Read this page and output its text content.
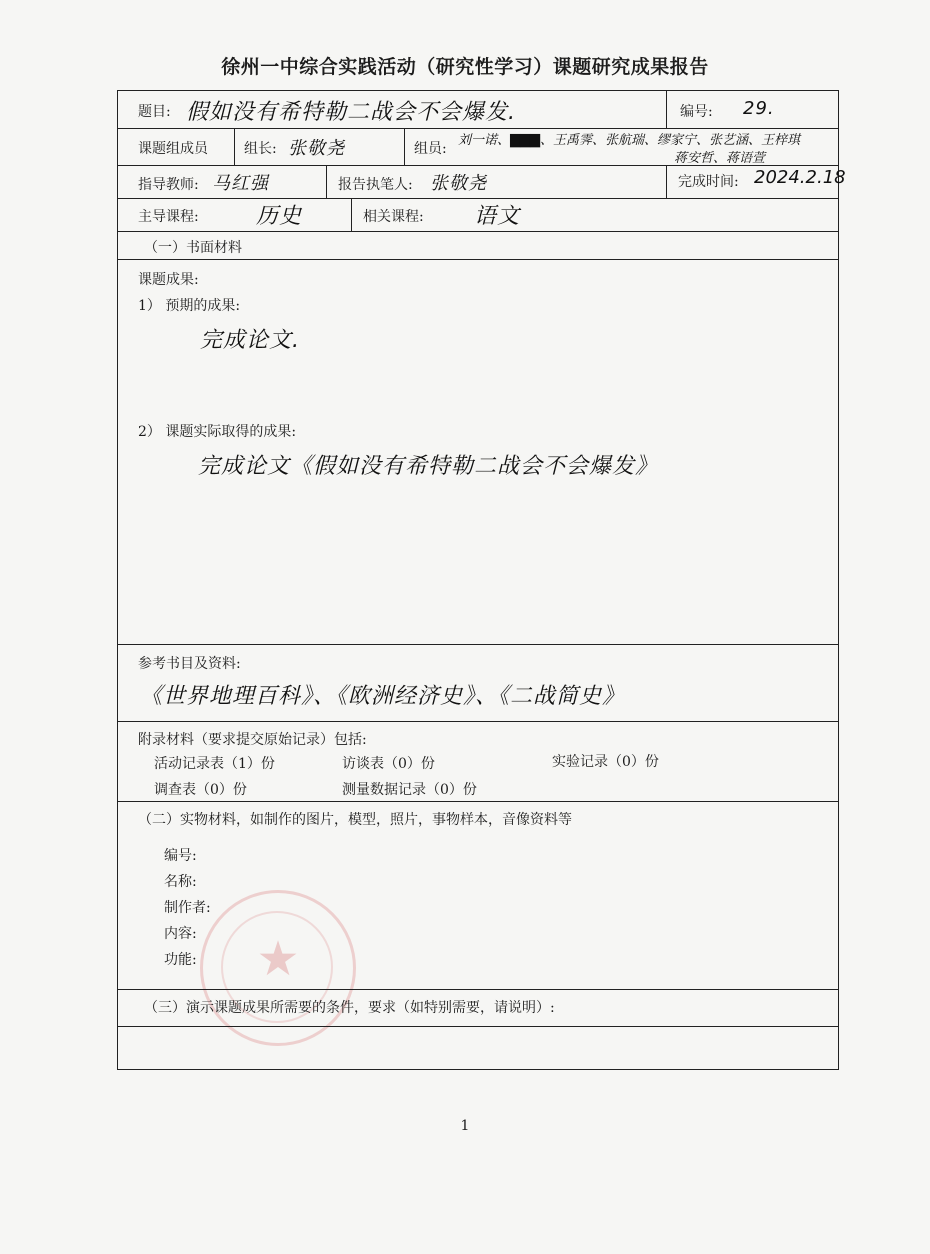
徐州一中综合实践活动（研究性学习）课题研究成果报告
★
题目: 假如没有希特勒二战会不会爆发.	编号: 29.
课题组成员	组长: 张敬尧	组员:
刘一诺、▇▇▇、王禹霁、张航瑞、缪家宁、张艺涵、王梓琪
蒋安哲、蒋语萱
指导教师: 马红强	报告执笔人: 张敬尧	完成时间: 2024.2.18
主导课程:	历史	相关课程: 语文
（一）书面材料
课题成果:
1） 预期的成果:
完成论文.
2） 课题实际取得的成果:
完成论文《假如没有希特勒二战会不会爆发》
参考书目及资料:
《世界地理百科》、《欧洲经济史》、《二战简史》
附录材料（要求提交原始记录）包括:
活动记录表（1）份	访谈表（0）份	实验记录（0）份
调查表（0）份	测量数据记录（0）份
（二）实物材料，如制作的图片，模型，照片，事物样本，音像资料等
编号:
名称:
制作者:
内容:
功能:
（三）演示课题成果所需要的条件，要求（如特别需要，请说明）:
1
